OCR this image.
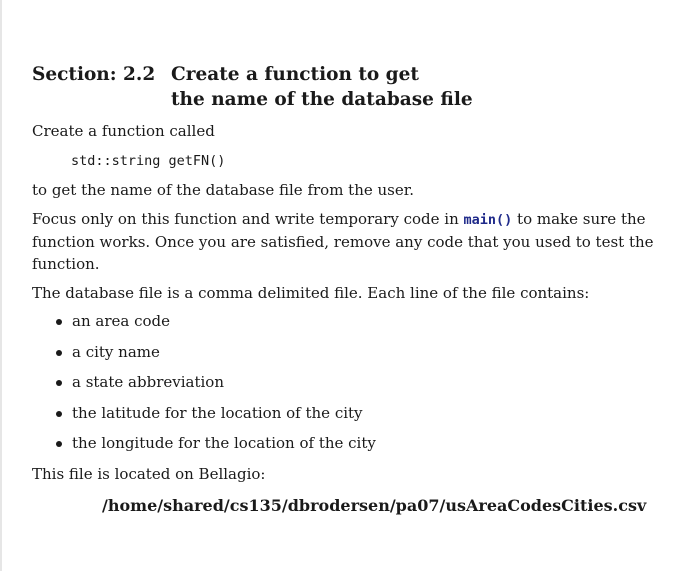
Section: 2.2 Create a function to get
the name of the database file

Create a function called

std::string getFN()

to get the name of the database file from the user.

Focus only on this function and write temporary code in main() to make sure the function works. Once you are satisfied, remove any code that you used to test the function.

The database file is a comma delimited file. Each line of the file contains:

an area code
a city name
a state abbreviation
the latitude for the location of the city
the longitude for the location of the city

This file is located on Bellagio:

/home/shared/cs135/dbrodersen/pa07/usAreaCodesCities.csv
